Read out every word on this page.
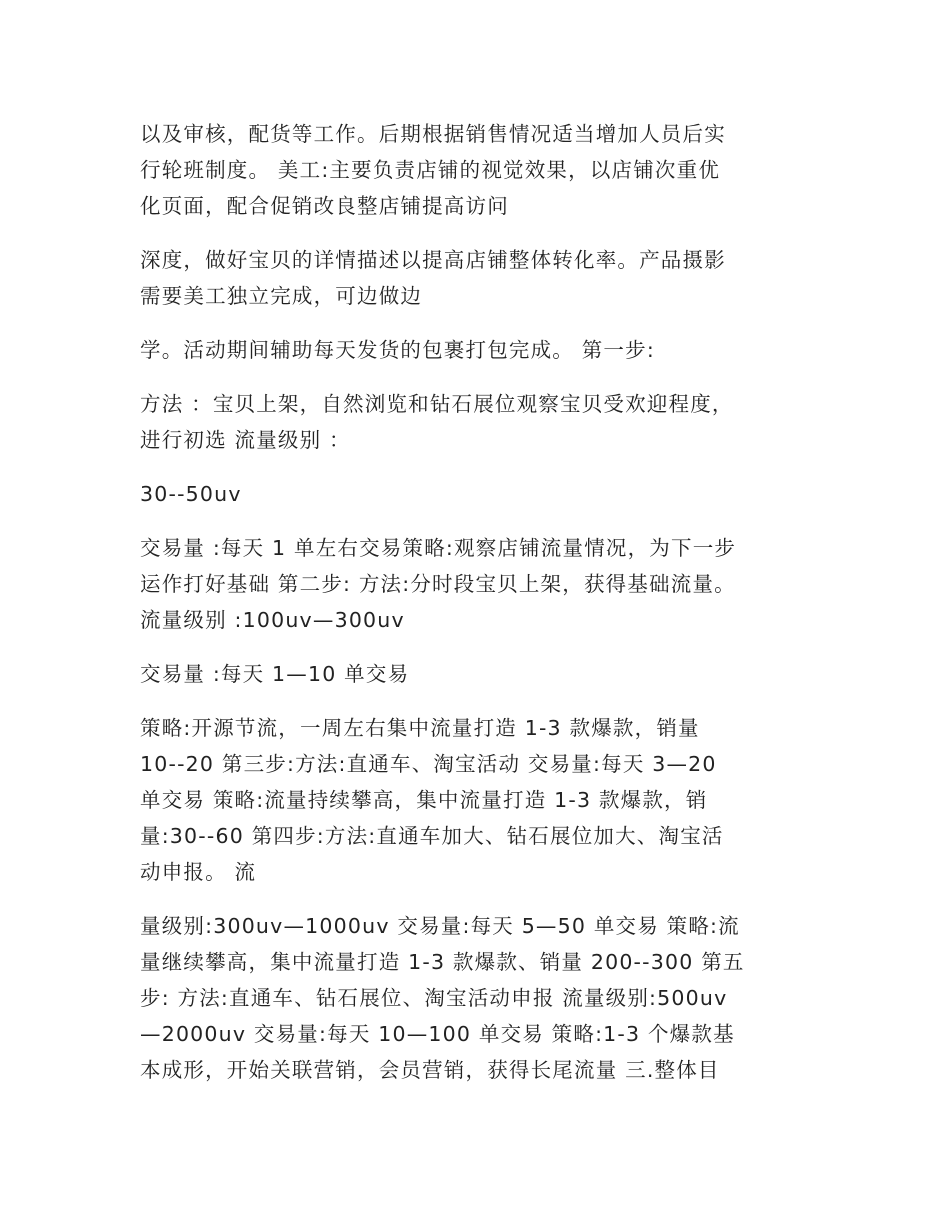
以及审核，配货等工作。后期根据销售情况适当增加人员后实
行轮班制度。 美工:主要负责店铺的视觉效果，以店铺次重优
化页面，配合促销改良整店铺提高访问

深度，做好宝贝的详情描述以提高店铺整体转化率。产品摄影
需要美工独立完成，可边做边

学。活动期间辅助每天发货的包裹打包完成。 第一步:

方法 ：宝贝上架，自然浏览和钻石展位观察宝贝受欢迎程度，
进行初选 流量级别 ：

30--50uv

交易量 :每天 1 单左右交易策略:观察店铺流量情况，为下一步
运作打好基础 第二步: 方法:分时段宝贝上架，获得基础流量。
流量级别 :100uv—300uv

交易量 :每天 1—10 单交易

策略:开源节流，一周左右集中流量打造 1-3 款爆款，销量
10--20 第三步:方法:直通车、淘宝活动 交易量:每天 3—20
单交易 策略:流量持续攀高，集中流量打造 1-3 款爆款，销
量:30--60 第四步:方法:直通车加大、钻石展位加大、淘宝活
动申报。 流

量级别:300uv—1000uv 交易量:每天 5—50 单交易 策略:流
量继续攀高，集中流量打造 1-3 款爆款、销量 200--300 第五
步: 方法:直通车、钻石展位、淘宝活动申报 流量级别:500uv
—2000uv 交易量:每天 10—100 单交易 策略:1-3 个爆款基
本成形，开始关联营销，会员营销，获得长尾流量 三.整体目
